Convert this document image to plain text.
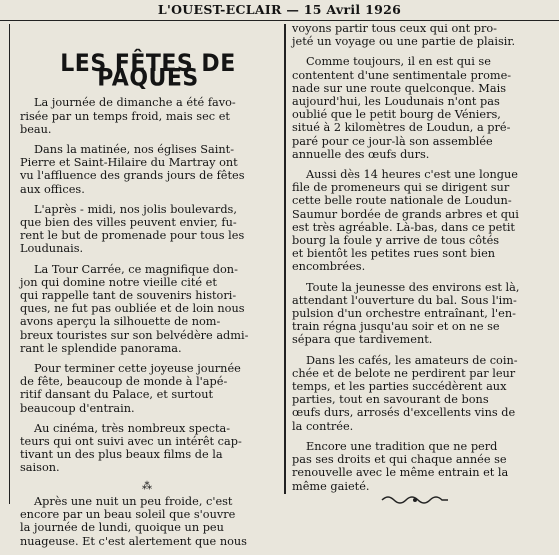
L'OUEST-ECLAIR — 15 Avril 1926
LES FÊTES DE PAQUES

La journée de dimanche a été favo-
risée par un temps froid, mais sec et
beau.

Dans la matinée, nos églises Saint-
Pierre et Saint-Hilaire du Martray ont
vu l'affluence des grands jours de fêtes
aux offices.

L'après - midi, nos jolis boulevards,
que bien des villes peuvent envier, fu-
rent le but de promenade pour tous les
Loudunais.

La Tour Carrée, ce magnifique don-
jon qui domine notre vieille cité et
qui rappelle tant de souvenirs histori-
ques, ne fut pas oubliée et de loin nous
avons aperçu la silhouette de nom-
breux touristes sur son belvédère admi-
rant le splendide panorama.

Pour terminer cette joyeuse journée
de fête, beaucoup de monde à l'apé-
ritif dansant du Palace, et surtout
beaucoup d'entrain.

Au cinéma, très nombreux specta-
teurs qui ont suivi avec un intérêt cap-
tivant un des plus beaux films de la
saison.

⁂

Après une nuit un peu froide, c'est
encore par un beau soleil que s'ouvre
la journée de lundi, quoique un peu
nuageuse. Et c'est alertement que nous

voyons partir tous ceux qui ont pro-
jeté un voyage ou une partie de plaisir.

Comme toujours, il en est qui se
contentent d'une sentimentale prome-
nade sur une route quelconque. Mais
aujourd'hui, les Loudunais n'ont pas
oublié que le petit bourg de Véniers,
situé à 2 kilomètres de Loudun, a pré-
paré pour ce jour-là son assemblée
annuelle des œufs durs.

Aussi dès 14 heures c'est une longue
file de promeneurs qui se dirigent sur
cette belle route nationale de Loudun-
Saumur bordée de grands arbres et qui
est très agréable. Là-bas, dans ce petit
bourg la foule y arrive de tous côtés
et bientôt les petites rues sont bien
encombrées.

Toute la jeunesse des environs est là,
attendant l'ouverture du bal. Sous l'im-
pulsion d'un orchestre entraînant, l'en-
train régna jusqu'au soir et on ne se
sépara que tardivement.

Dans les cafés, les amateurs de coin-
chée et de belote ne perdirent par leur
temps, et les parties succédèrent aux
parties, tout en savourant de bons
œufs durs, arrosés d'excellents vins de
la contrée.

Encore une tradition que ne perd
pas ses droits et qui chaque année se
renouvelle avec le même entrain et la
même gaieté.
